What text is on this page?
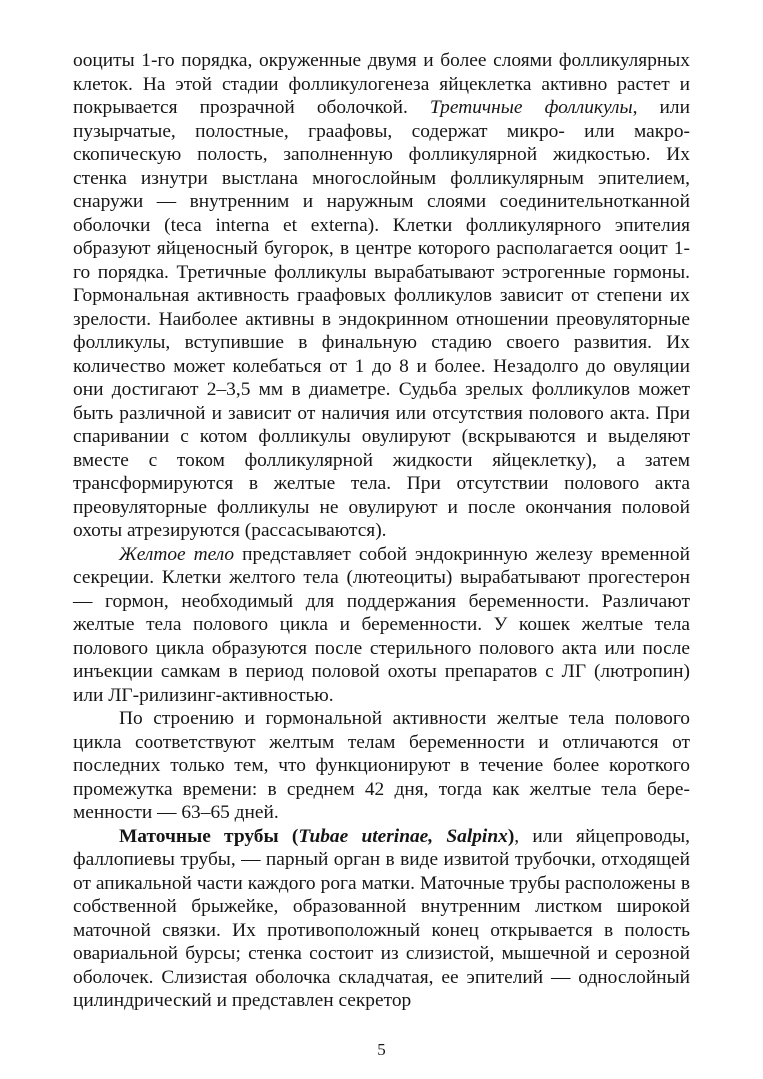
ооциты 1-го порядка, окруженные двумя и более слоями фолликулярных клеток. На этой стадии фолликулогенеза яйцеклетка активно растет и покрывается прозрачной оболочкой. Третичные фолликулы, или пузырчатые, полостные, граафовы, содержат микро- или макроскопическую полость, заполненную фолликулярной жидкостью. Их стенка изнутри выстлана многослойным фолликулярным эпителием, снаружи — внутренним и наружным слоями соединительнотканной оболочки (teca interna et externa). Клетки фолликулярного эпителия образуют яйценосный бугорок, в центре которого располагается ооцит 1-го порядка. Третичные фолликулы вырабатывают эстрогенные гормоны. Гормональная активность граафовых фолликулов зависит от степени их зрелости. Наиболее активны в эндокринном отношении преовуляторные фолликулы, вступившие в финальную стадию своего развития. Их количество может колебаться от 1 до 8 и более. Незадолго до овуляции они достигают 2–3,5 мм в диаметре. Судьба зрелых фолликулов может быть различной и зависит от наличия или отсутствия полового акта. При спаривании с котом фолликулы овулируют (вскрываются и выделяют вместе с током фолликулярной жидкости яйцеклетку), а затем трансформируются в желтые тела. При отсутствии полового акта преовуляторные фолликулы не овулируют и после окончания половой охоты атрезируются (рассасываются).

Желтое тело представляет собой эндокринную железу временной секреции. Клетки желтого тела (лютеоциты) вырабатывают прогестерон — гормон, необходимый для поддержания беременности. Различают желтые тела полового цикла и беременности. У кошек желтые тела полового цикла образуются после стерильного полового акта или после инъекции самкам в период половой охоты препаратов с ЛГ (лютропин) или ЛГ-рилизинг-активностью.

По строению и гормональной активности желтые тела полового цикла соответствуют желтым телам беременности и отличаются от последних только тем, что функционируют в течение более короткого промежутка времени: в среднем 42 дня, тогда как желтые тела беременности — 63–65 дней.

Маточные трубы (Tubae uterinae, Salpinx), или яйцепроводы, фаллопиевы трубы, — парный орган в виде извитой трубочки, отходящей от апикальной части каждого рога матки. Маточные трубы расположены в собственной брыжейке, образованной внутренним листком широкой маточной связки. Их противоположный конец открывается в полость овариальной бурсы; стенка состоит из слизистой, мышечной и серозной оболочек. Слизистая оболочка складчатая, ее эпителий — однослойный цилиндрический и представлен секретор

5
